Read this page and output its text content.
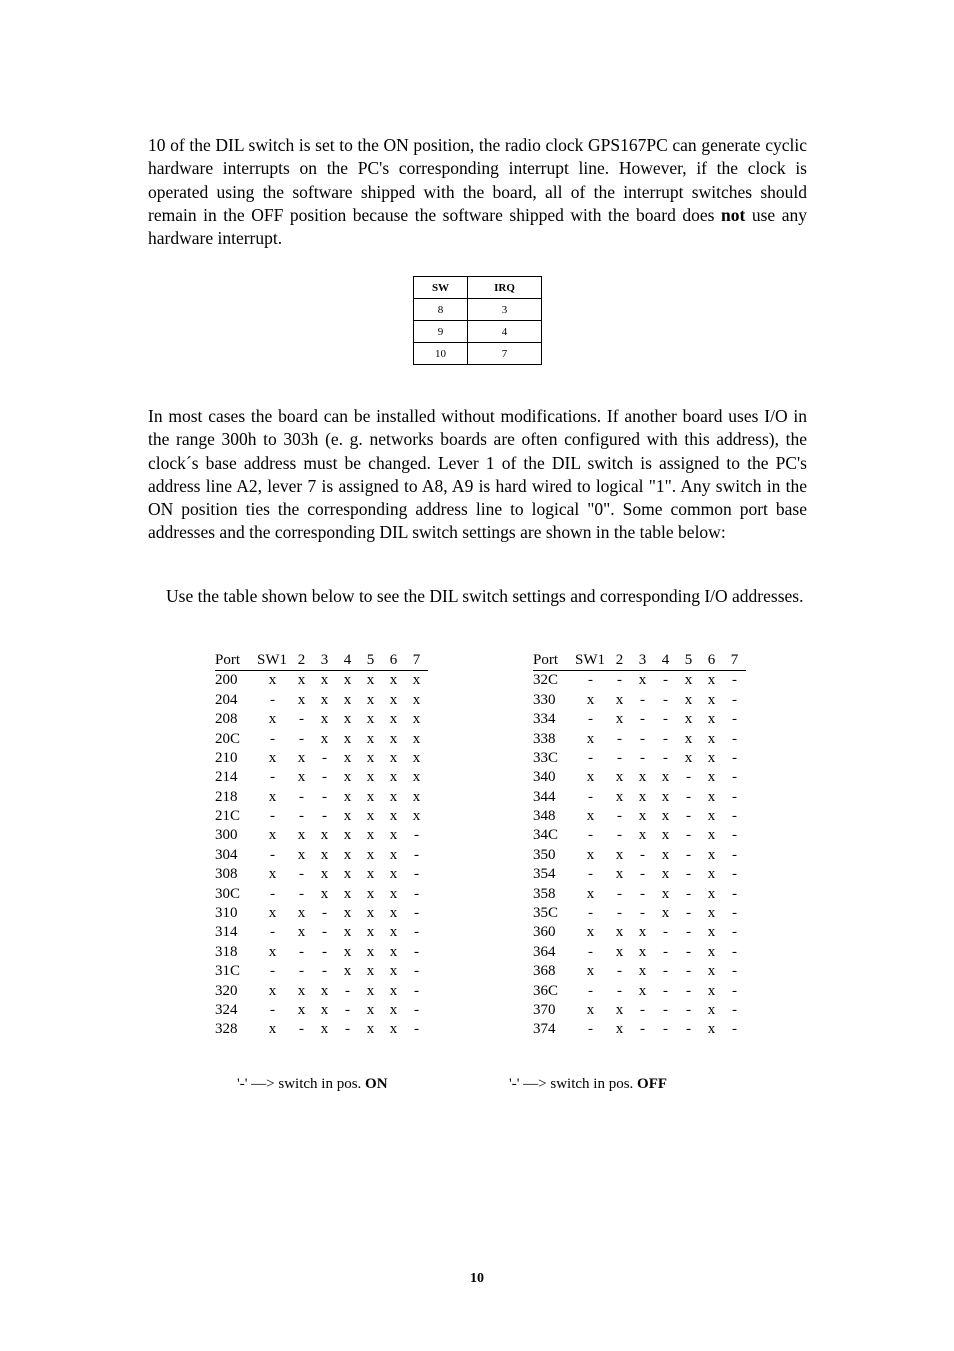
10 of the DIL switch is set to the ON position, the radio clock GPS167PC can generate cyclic hardware interrupts on the PC's corresponding interrupt line. However, if the clock is operated using the software shipped with the board, all of the interrupt switches should remain in the OFF position because the software shipped with the board does not use any hardware interrupt.

SW	IRQ
8	3
9	4
10	7

In most cases the board can be installed without modifications. If another board uses I/O in the range 300h to 303h (e. g. networks boards are often configured with this address), the clock´s base address must be changed. Lever 1 of the DIL switch is assigned to the PC's address line A2, lever 7 is assigned to A8, A9 is hard wired to logical "1". Any switch in the ON position ties the corresponding address line to logical "0". Some common port base addresses and the corresponding DIL switch settings are shown in the table below:

Use the table shown below to see the DIL switch settings and corresponding I/O addresses.

Port	SW1	2	3	4	5	6	7
200	x	x	x	x	x	x	x
204	-	x	x	x	x	x	x
208	x	-	x	x	x	x	x
20C	-	-	x	x	x	x	x
210	x	x	-	x	x	x	x
214	-	x	-	x	x	x	x
218	x	-	-	x	x	x	x
21C	-	-	-	x	x	x	x
300	x	x	x	x	x	x	-
304	-	x	x	x	x	x	-
308	x	-	x	x	x	x	-
30C	-	-	x	x	x	x	-
310	x	x	-	x	x	x	-
314	-	x	-	x	x	x	-
318	x	-	-	x	x	x	-
31C	-	-	-	x	x	x	-
320	x	x	x	-	x	x	-
324	-	x	x	-	x	x	-
328	x	-	x	-	x	x	-
Port	SW1	2	3	4	5	6	7
32C	-	-	x	-	x	x	-
330	x	x	-	-	x	x	-
334	-	x	-	-	x	x	-
338	x	-	-	-	x	x	-
33C	-	-	-	-	x	x	-
340	x	x	x	x	-	x	-
344	-	x	x	x	-	x	-
348	x	-	x	x	-	x	-
34C	-	-	x	x	-	x	-
350	x	x	-	x	-	x	-
354	-	x	-	x	-	x	-
358	x	-	-	x	-	x	-
35C	-	-	-	x	-	x	-
360	x	x	x	-	-	x	-
364	-	x	x	-	-	x	-
368	x	-	x	-	-	x	-
36C	-	-	x	-	-	x	-
370	x	x	-	-	-	x	-
374	-	x	-	-	-	x	-
'-' —> switch in pos. ON	'-' —> switch in pos. OFF
10
